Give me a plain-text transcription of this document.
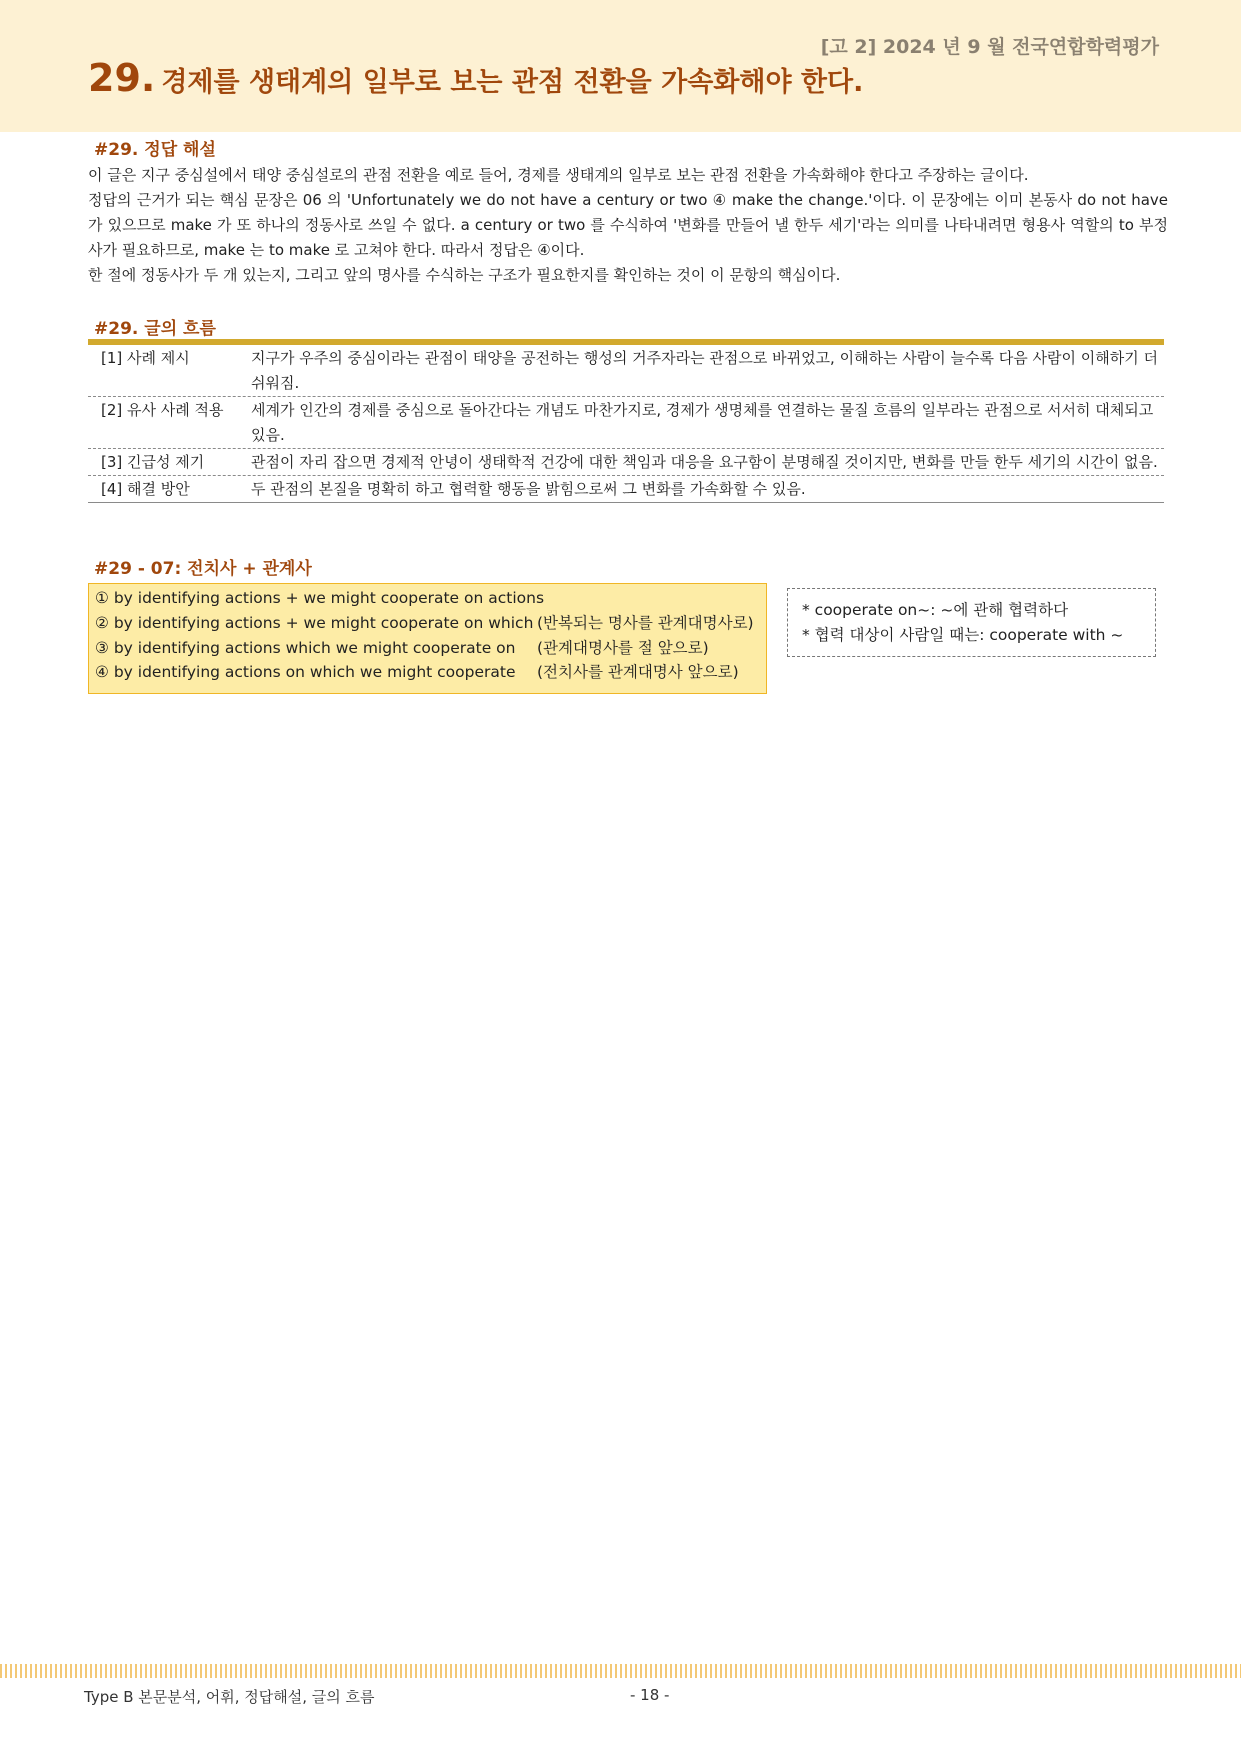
[고 2] 2024 년 9 월 전국연합학력평가
29. 경제를 생태계의 일부로 보는 관점 전환을 가속화해야 한다.
#29. 정답 해설

이 글은 지구 중심설에서 태양 중심설로의 관점 전환을 예로 들어, 경제를 생태계의 일부로 보는 관점 전환을 가속화해야 한다고 주장하는 글이다.

정답의 근거가 되는 핵심 문장은 06 의 'Unfortunately we do not have a century or two ④ make the change.'이다. 이 문장에는 이미 본동사 do not have 가 있으므로 make 가 또 하나의 정동사로 쓰일 수 없다. a century or two 를 수식하여 '변화를 만들어 낼 한두 세기'라는 의미를 나타내려면 형용사 역할의 to 부정사가 필요하므로, make 는 to make 로 고쳐야 한다. 따라서 정답은 ④이다.

한 절에 정동사가 두 개 있는지, 그리고 앞의 명사를 수식하는 구조가 필요한지를 확인하는 것이 이 문항의 핵심이다.

#29. 글의 흐름
[1] 사례 제시	지구가 우주의 중심이라는 관점이 태양을 공전하는 행성의 거주자라는 관점으로 바뀌었고, 이해하는 사람이 늘수록 다음 사람이 이해하기 더 쉬워짐.
[2] 유사 사례 적용	세계가 인간의 경제를 중심으로 돌아간다는 개념도 마찬가지로, 경제가 생명체를 연결하는 물질 흐름의 일부라는 관점으로 서서히 대체되고 있음.
[3] 긴급성 제기	관점이 자리 잡으면 경제적 안녕이 생태학적 건강에 대한 책임과 대응을 요구함이 분명해질 것이지만, 변화를 만들 한두 세기의 시간이 없음.
[4] 해결 방안	두 관점의 본질을 명확히 하고 협력할 행동을 밝힘으로써 그 변화를 가속화할 수 있음.
#29 - 07: 전치사 + 관계사
① by identifying actions + we might cooperate on actions
② by identifying actions + we might cooperate on which (반복되는 명사를 관계대명사로)
③ by identifying actions which we might cooperate on (관계대명사를 절 앞으로)
④ by identifying actions on which we might cooperate (전치사를 관계대명사 앞으로)
* cooperate on~: ~에 관해 협력하다
* 협력 대상이 사람일 때는: cooperate with ~
Type B 본문분석, 어휘, 정답해설, 글의 흐름	- 18 -
